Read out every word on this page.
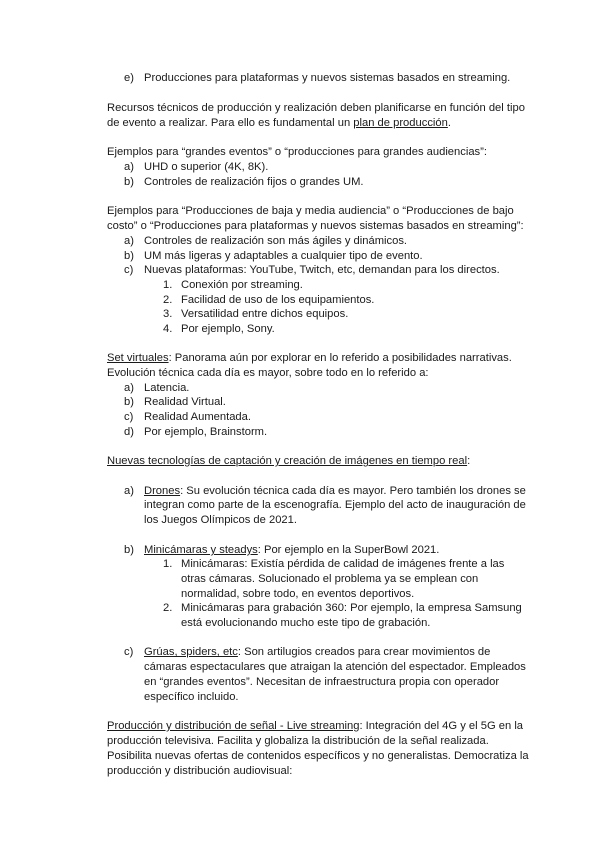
e) Producciones para plataformas y nuevos sistemas basados en streaming.
Recursos técnicos de producción y realización deben planificarse en función del tipo
de evento a realizar. Para ello es fundamental un plan de producción.
Ejemplos para “grandes eventos” o “producciones para grandes audiencias”:
a) UHD o superior (4K, 8K).
b) Controles de realización fijos o grandes UM.
Ejemplos para “Producciones de baja y media audiencia” o “Producciones de bajo
costo” o “Producciones para plataformas y nuevos sistemas basados en streaming”:
a) Controles de realización son más ágiles y dinámicos.
b) UM más ligeras y adaptables a cualquier tipo de evento.
c) Nuevas plataformas: YouTube, Twitch, etc, demandan para los directos.
1. Conexión por streaming.
2. Facilidad de uso de los equipamientos.
3. Versatilidad entre dichos equipos.
4. Por ejemplo, Sony.
Set virtuales: Panorama aún por explorar en lo referido a posibilidades narrativas.
Evolución técnica cada día es mayor, sobre todo en lo referido a:
a) Latencia.
b) Realidad Virtual.
c) Realidad Aumentada.
d) Por ejemplo, Brainstorm.
Nuevas tecnologías de captación y creación de imágenes en tiempo real:
a) Drones: Su evolución técnica cada día es mayor. Pero también los drones se
integran como parte de la escenografía. Ejemplo del acto de inauguración de
los Juegos Olímpicos de 2021.
b) Minicámaras y steadys: Por ejemplo en la SuperBowl 2021.
1. Minicámaras: Existía pérdida de calidad de imágenes frente a las
otras cámaras. Solucionado el problema ya se emplean con
normalidad, sobre todo, en eventos deportivos.
2. Minicámaras para grabación 360: Por ejemplo, la empresa Samsung
está evolucionando mucho este tipo de grabación.
c) Grúas, spiders, etc: Son artilugios creados para crear movimientos de
cámaras espectaculares que atraigan la atención del espectador. Empleados
en “grandes eventos”. Necesitan de infraestructura propia con operador
específico incluido.
Producción y distribución de señal - Live streaming: Integración del 4G y el 5G en la
producción televisiva. Facilita y globaliza la distribución de la señal realizada.
Posibilita nuevas ofertas de contenidos específicos y no generalistas. Democratiza la
producción y distribución audiovisual:
